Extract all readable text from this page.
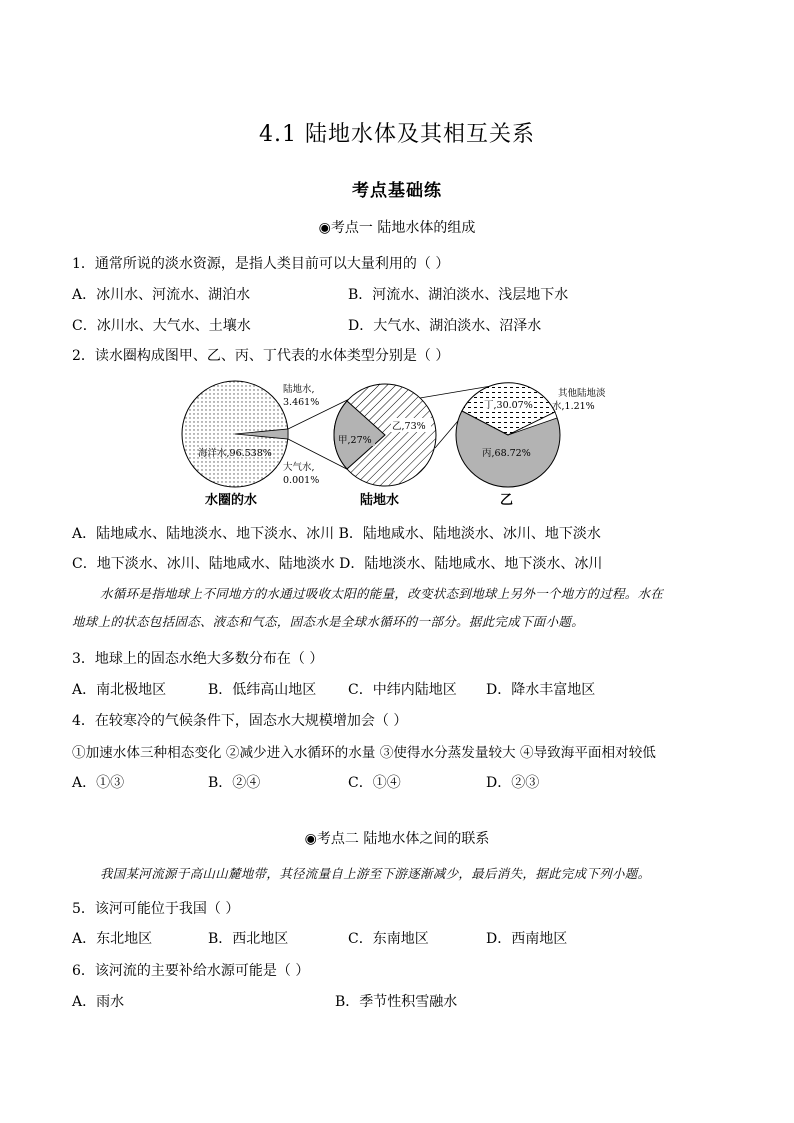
4.1 陆地水体及其相互关系
考点基础练
◉考点一 陆地水体的组成
1．通常所说的淡水资源，是指人类目前可以大量利用的（ ）
A．冰川水、河流水、湖泊水	B．河流水、湖泊淡水、浅层地下水
C．冰川水、大气水、土壤水	D．大气水、湖泊淡水、沼泽水
2．读水圈构成图甲、乙、丙、丁代表的水体类型分别是（ ）
海洋水,96.538%
陆地水,
3.461%
大气水,
0.001%
水圈的水
甲,27%
乙,73%
陆地水
丁,30.07%
丙,68.72%
其他陆地淡
水,1.21%
乙
A．陆地咸水、陆地淡水、地下淡水、冰川 B．陆地咸水、陆地淡水、冰川、地下淡水
C．地下淡水、冰川、陆地咸水、陆地淡水 D．陆地淡水、陆地咸水、地下淡水、冰川
水循环是指地球上不同地方的水通过吸收太阳的能量，改变状态到地球上另外一个地方的过程。水在
地球上的状态包括固态、液态和气态，固态水是全球水循环的一部分。据此完成下面小题。
3．地球上的固态水绝大多数分布在（ ）
A．南北极地区	B．低纬高山地区 C．中纬内陆地区 D．降水丰富地区
4．在较寒冷的气候条件下，固态水大规模增加会（ ）
①加速水体三种相态变化 ②减少进入水循环的水量 ③使得水分蒸发量较大 ④导致海平面相对较低
A．①③	B．②④	C．①④	D．②③
◉考点二 陆地水体之间的联系
我国某河流源于高山山麓地带，其径流量自上游至下游逐渐减少，最后消失，据此完成下列小题。
5．该河可能位于我国（ ）
A．东北地区	B．西北地区	C．东南地区	D．西南地区
6．该河流的主要补给水源可能是（ ）
A．雨水	B．季节性积雪融水
